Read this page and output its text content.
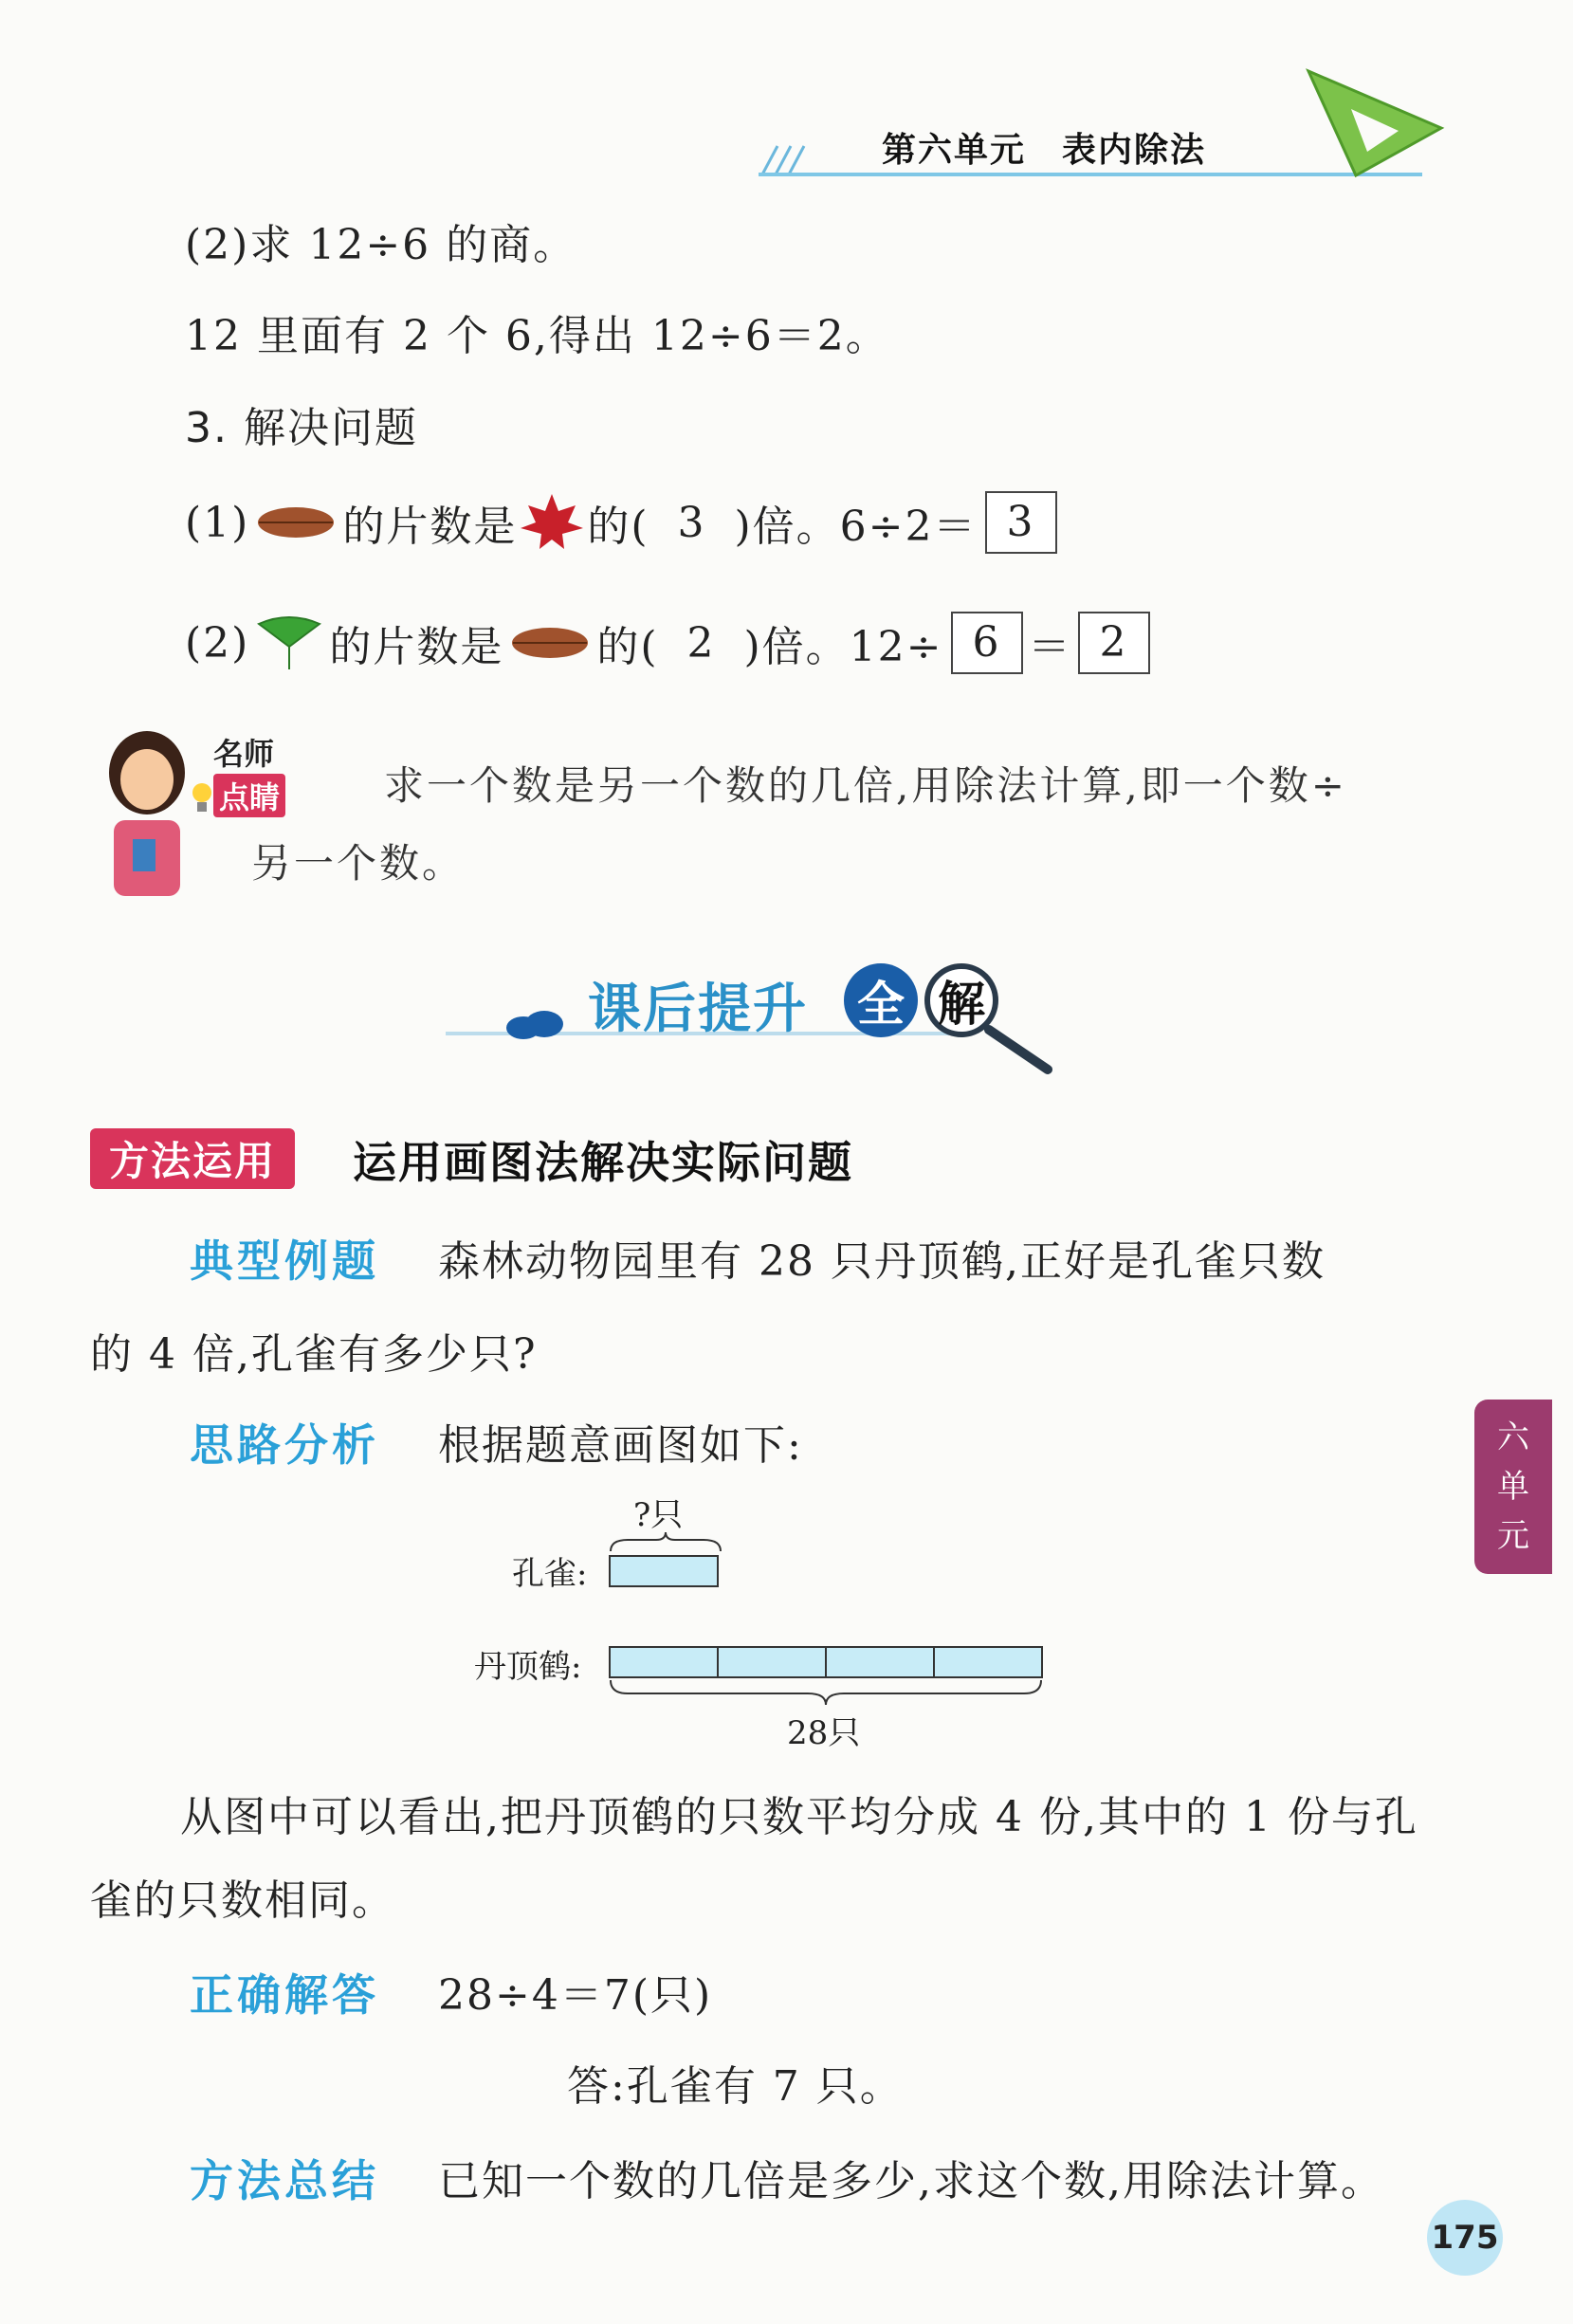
第六单元　表内除法
(2)求 12÷6 的商。
12 里面有 2 个 6,得出 12÷6＝2。
3. 解决问题
(1) 的片数是 的( 3 )倍。6÷2＝ 3
(2) 的片数是 的( 2 )倍。12÷ 6 ＝ 2
名师
点睛	求一个数是另一个数的几倍,用除法计算,即一个数÷
另一个数。
课后提升 全 解
方法运用	运用画图法解决实际问题
典型例题 森林动物园里有 28 只丹顶鹤,正好是孔雀只数
的 4 倍,孔雀有多少只?
思路分析 根据题意画图如下:
?只
孔雀:
丹顶鹤:
28只
从图中可以看出,把丹顶鹤的只数平均分成 4 份,其中的 1 份与孔
雀的只数相同。
正确解答 28÷4＝7(只)
答:孔雀有 7 只。
方法总结 已知一个数的几倍是多少,求这个数,用除法计算。
六
单
元
175
